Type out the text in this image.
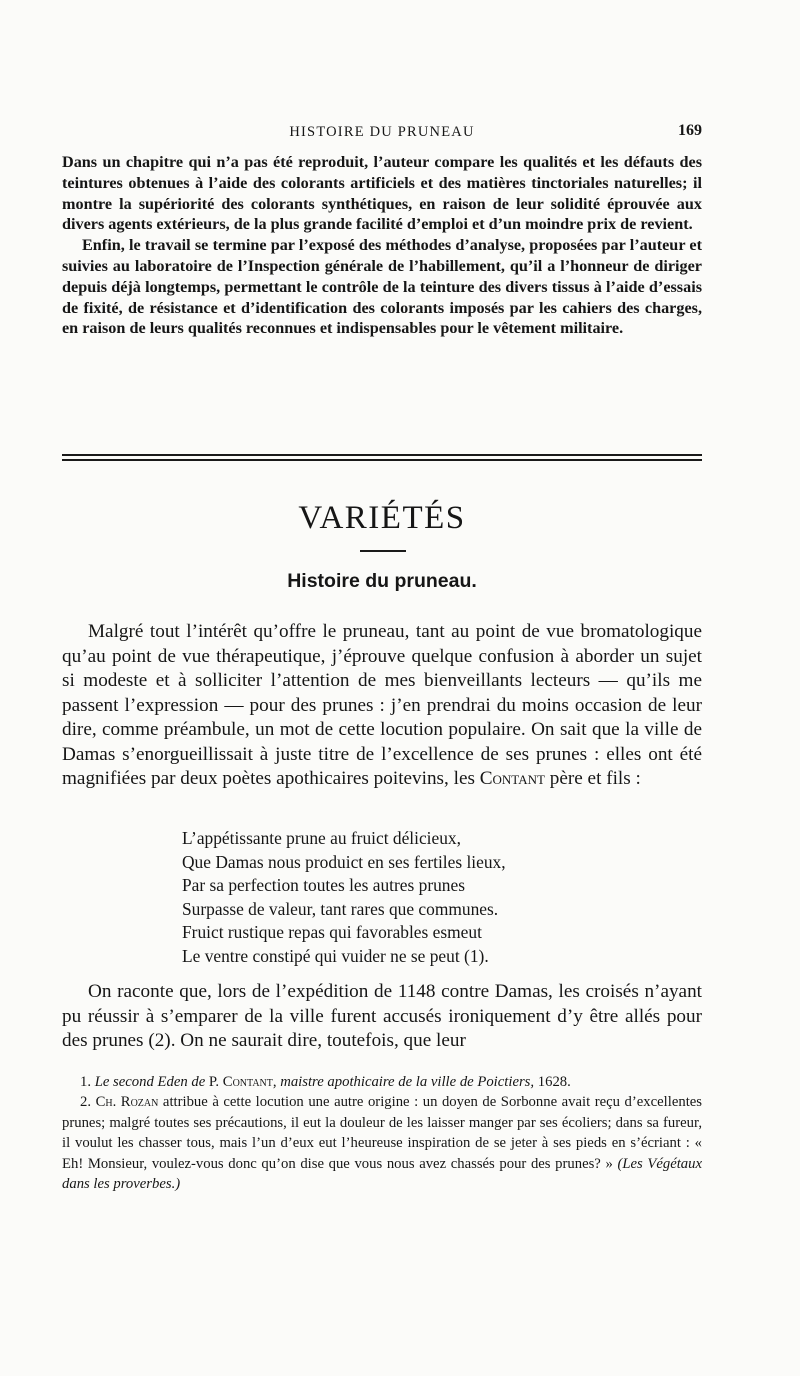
HISTOIRE DU PRUNEAU	169

Dans un chapitre qui n’a pas été reproduit, l’auteur compare les qualités et les défauts des teintures obtenues à l’aide des colorants artificiels et des matières tinctoriales naturelles; il montre la supériorité des colorants synthétiques, en raison de leur solidité éprouvée aux divers agents extérieurs, de la plus grande facilité d’emploi et d’un moindre prix de revient.

Enfin, le travail se termine par l’exposé des méthodes d’analyse, proposées par l’auteur et suivies au laboratoire de l’Inspection générale de l’habillement, qu’il a l’honneur de diriger depuis déjà longtemps, permettant le contrôle de la teinture des divers tissus à l’aide d’essais de fixité, de résistance et d’identification des colorants imposés par les cahiers des charges, en raison de leurs qualités reconnues et indispensables pour le vêtement militaire.

VARIÉTÉS
Histoire du pruneau.

Malgré tout l’intérêt qu’offre le pruneau, tant au point de vue bromatologique qu’au point de vue thérapeutique, j’éprouve quelque confusion à aborder un sujet si modeste et à solliciter l’attention de mes bienveillants lecteurs — qu’ils me passent l’expression — pour des prunes : j’en prendrai du moins occasion de leur dire, comme préambule, un mot de cette locution populaire. On sait que la ville de Damas s’enorgueillissait à juste titre de l’excellence de ses prunes : elles ont été magnifiées par deux poètes apothicaires poitevins, les Contant père et fils :

L’appétissante prune au fruict délicieux,
Que Damas nous produict en ses fertiles lieux,
Par sa perfection toutes les autres prunes
Surpasse de valeur, tant rares que communes.
Fruict rustique repas qui favorables esmeut
Le ventre constipé qui vuider ne se peut (1).

On raconte que, lors de l’expédition de 1148 contre Damas, les croisés n’ayant pu réussir à s’emparer de la ville furent accusés ironiquement d’y être allés pour des prunes (2). On ne saurait dire, toutefois, que leur

1. Le second Eden de P. Contant, maistre apothicaire de la ville de Poictiers, 1628.

2. Ch. Rozan attribue à cette locution une autre origine : un doyen de Sorbonne avait reçu d’excellentes prunes; malgré toutes ses précautions, il eut la douleur de les laisser manger par ses écoliers; dans sa fureur, il voulut les chasser tous, mais l’un d’eux eut l’heureuse inspiration de se jeter à ses pieds en s’écriant : « Eh! Monsieur, voulez-vous donc qu’on dise que vous nous avez chassés pour des prunes? » (Les Végétaux dans les proverbes.)
